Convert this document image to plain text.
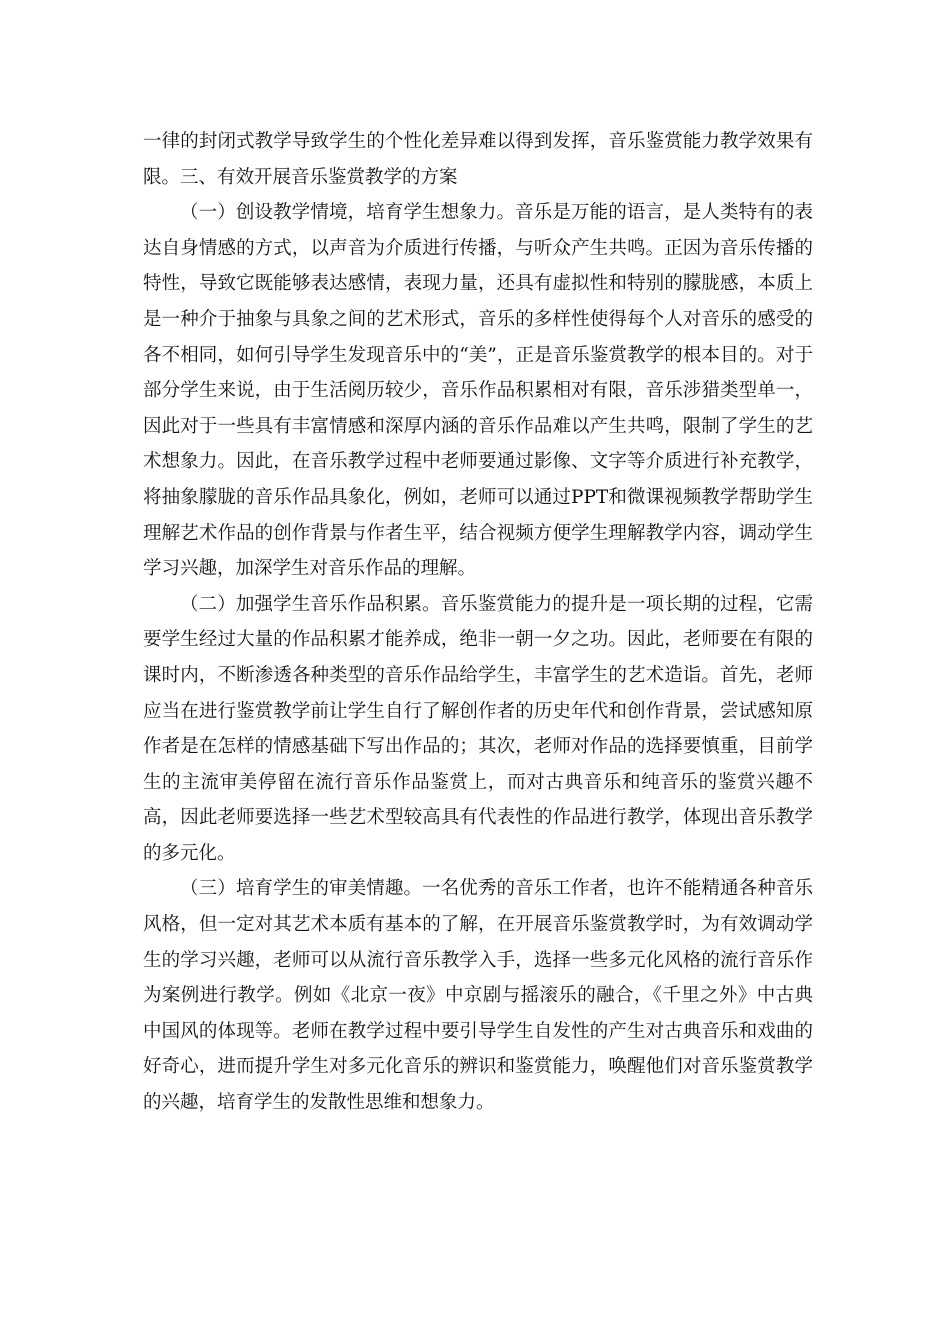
一律的封闭式教学导致学生的个性化差异难以得到发挥，音乐鉴赏能力教学效果有限。三、有效开展音乐鉴赏教学的方案

（一）创设教学情境，培育学生想象力。音乐是万能的语言，是人类特有的表达自身情感的方式，以声音为介质进行传播，与听众产生共鸣。正因为音乐传播的特性，导致它既能够表达感情，表现力量，还具有虚拟性和特别的朦胧感，本质上是一种介于抽象与具象之间的艺术形式，音乐的多样性使得每个人对音乐的感受的各不相同，如何引导学生发现音乐中的“美”，正是音乐鉴赏教学的根本目的。对于部分学生来说，由于生活阅历较少，音乐作品积累相对有限，音乐涉猎类型单一，因此对于一些具有丰富情感和深厚内涵的音乐作品难以产生共鸣，限制了学生的艺术想象力。因此，在音乐教学过程中老师要通过影像、文字等介质进行补充教学，将抽象朦胧的音乐作品具象化，例如，老师可以通过PPT和微课视频教学帮助学生理解艺术作品的创作背景与作者生平，结合视频方便学生理解教学内容，调动学生学习兴趣，加深学生对音乐作品的理解。

（二）加强学生音乐作品积累。音乐鉴赏能力的提升是一项长期的过程，它需要学生经过大量的作品积累才能养成，绝非一朝一夕之功。因此，老师要在有限的课时内，不断渗透各种类型的音乐作品给学生，丰富学生的艺术造诣。首先，老师应当在进行鉴赏教学前让学生自行了解创作者的历史年代和创作背景，尝试感知原作者是在怎样的情感基础下写出作品的；其次，老师对作品的选择要慎重，目前学生的主流审美停留在流行音乐作品鉴赏上，而对古典音乐和纯音乐的鉴赏兴趣不高，因此老师要选择一些艺术型较高具有代表性的作品进行教学，体现出音乐教学的多元化。

（三）培育学生的审美情趣。一名优秀的音乐工作者，也许不能精通各种音乐风格，但一定对其艺术本质有基本的了解，在开展音乐鉴赏教学时，为有效调动学生的学习兴趣，老师可以从流行音乐教学入手，选择一些多元化风格的流行音乐作为案例进行教学。例如《北京一夜》中京剧与摇滚乐的融合，《千里之外》中古典中国风的体现等。老师在教学过程中要引导学生自发性的产生对古典音乐和戏曲的好奇心，进而提升学生对多元化音乐的辨识和鉴赏能力，唤醒他们对音乐鉴赏教学的兴趣，培育学生的发散性思维和想象力。
